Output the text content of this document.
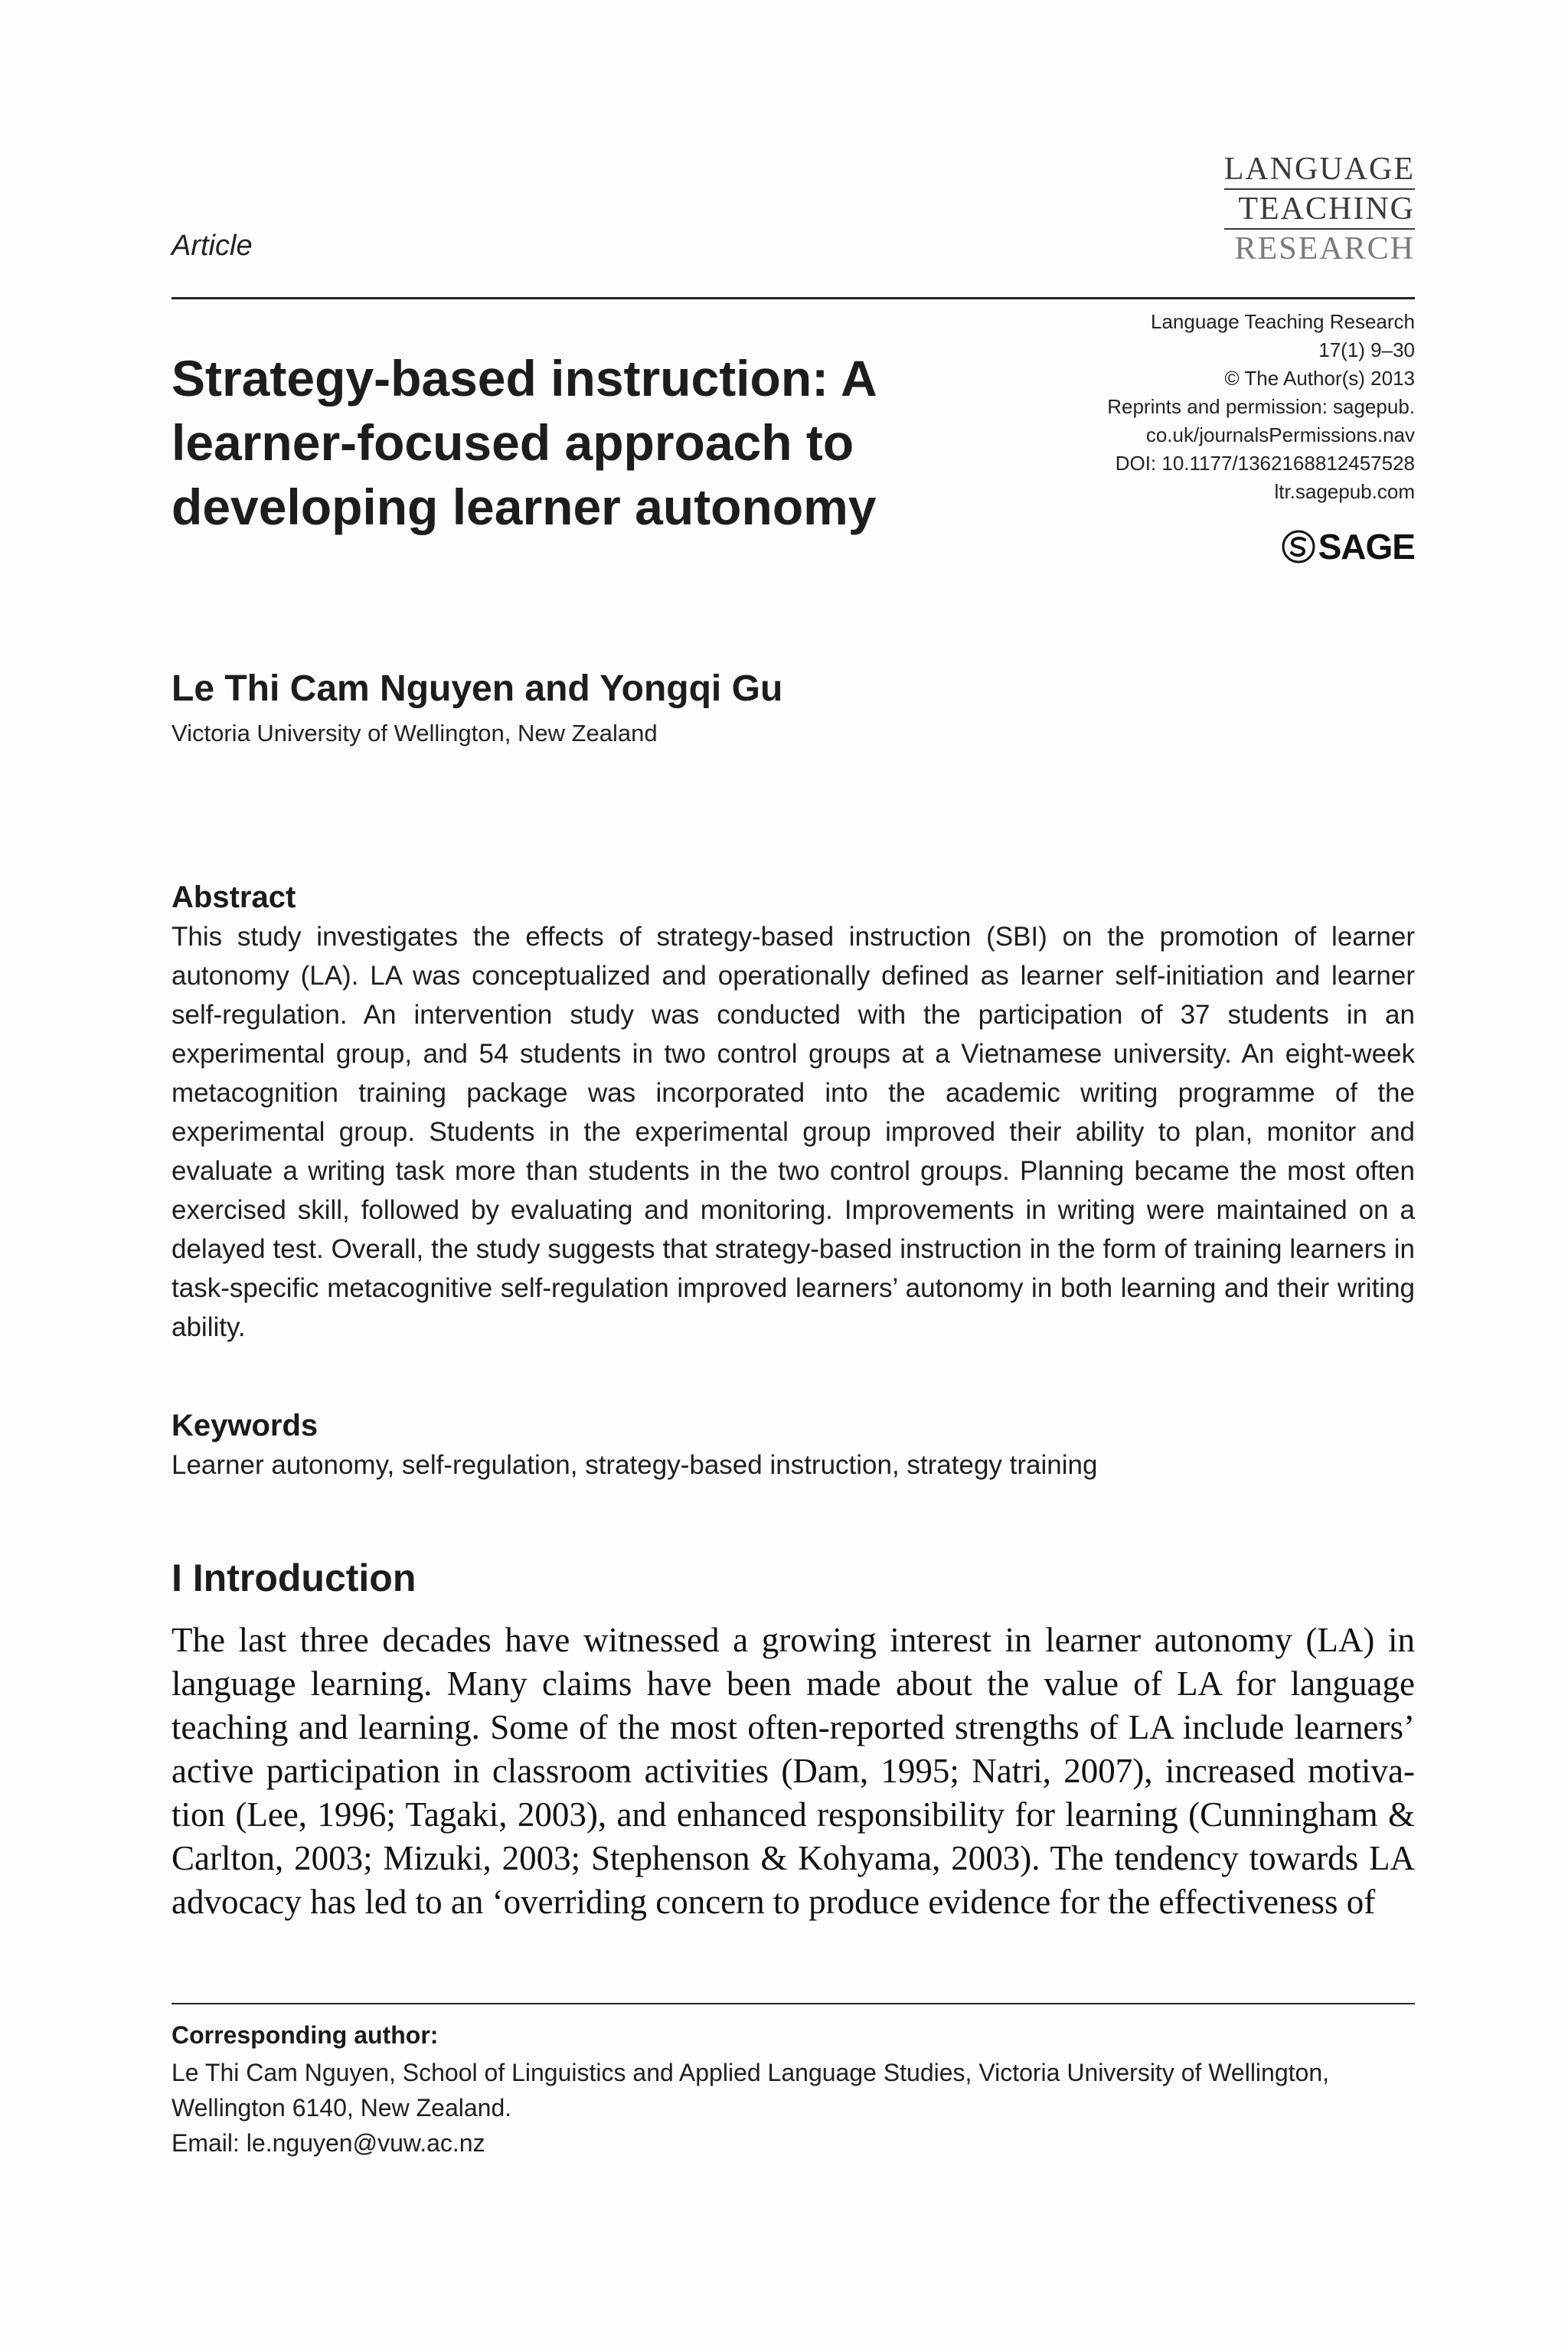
LANGUAGE
TEACHING
RESEARCH
Article
Language Teaching Research
17(1) 9–30
© The Author(s) 2013
Reprints and permission: sagepub.
co.uk/journalsPermissions.nav
DOI: 10.1177/1362168812457528
ltr.sagepub.com
SAGE
Strategy-based instruction: A learner-focused approach to developing learner autonomy
Le Thi Cam Nguyen and Yongqi Gu
Victoria University of Wellington, New Zealand
Abstract

This study investigates the effects of strategy-based instruction (SBI) on the promotion of learner autonomy (LA). LA was conceptualized and operationally defined as learner self-initiation and learner self-regulation. An intervention study was conducted with the participation of 37 students in an experimental group, and 54 students in two control groups at a Vietnamese university. An eight-week metacognition training package was incorporated into the academic writing programme of the experimental group. Students in the experimental group improved their ability to plan, monitor and evaluate a writing task more than students in the two control groups. Planning became the most often exercised skill, followed by evaluating and monitoring. Improvements in writing were maintained on a delayed test. Overall, the study suggests that strategy-based instruction in the form of training learners in task-specific metacognitive self-regulation improved learners’ autonomy in both learning and their writing ability.

Keywords
Learner autonomy, self-regulation, strategy-based instruction, strategy training
I Introduction

The last three decades have witnessed a growing interest in learner autonomy (LA) in language learning. Many claims have been made about the value of LA for language teaching and learning. Some of the most often-reported strengths of LA include learners’ active participation in classroom activities (Dam, 1995; Natri, 2007), increased motiva-tion (Lee, 1996; Tagaki, 2003), and enhanced responsibility for learning (Cunningham & Carlton, 2003; Mizuki, 2003; Stephenson & Kohyama, 2003). The tendency towards LA advocacy has led to an ‘overriding concern to produce evidence for the effectiveness of

Corresponding author:
Le Thi Cam Nguyen, School of Linguistics and Applied Language Studies, Victoria University of Wellington,
Wellington 6140, New Zealand.
Email: le.nguyen@vuw.ac.nz
